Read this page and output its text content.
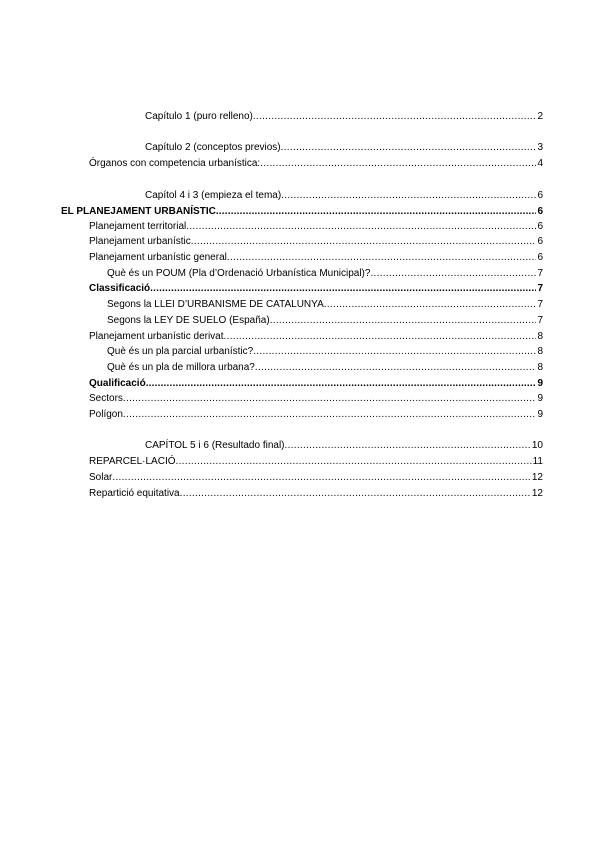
Capítulo 1 (puro relleno) .....	2
Capítulo 2 (conceptos previos) .....	3
Órganos con competencia urbanística: .....	4
Capítol 4 i 3 (empieza el tema) .....	6
EL PLANEJAMENT URBANÍSTIC .....	6
Planejament territorial .....	6
Planejament urbanístic .....	6
Planejament urbanístic general .....	6
Què és un POUM (Pla d’Ordenació Urbanística Municipal)? .....	7
Classificació .....	7
Segons la LLEI D’URBANISME DE CATALUNYA .....	7
Segons la LEY DE SUELO (España) .....	7
Planejament urbanístic derivat .....	8
Què és un pla parcial urbanístic? .....	8
Què és un pla de millora urbana? .....	8
Qualificació .....	9
Sectors .....	9
Polígon .....	9
CAPÍTOL 5 i 6 (Resultado final) .....	10
REPARCEL·LACIÓ .....	11
Solar .....	12
Repartició equitativa .....	12
